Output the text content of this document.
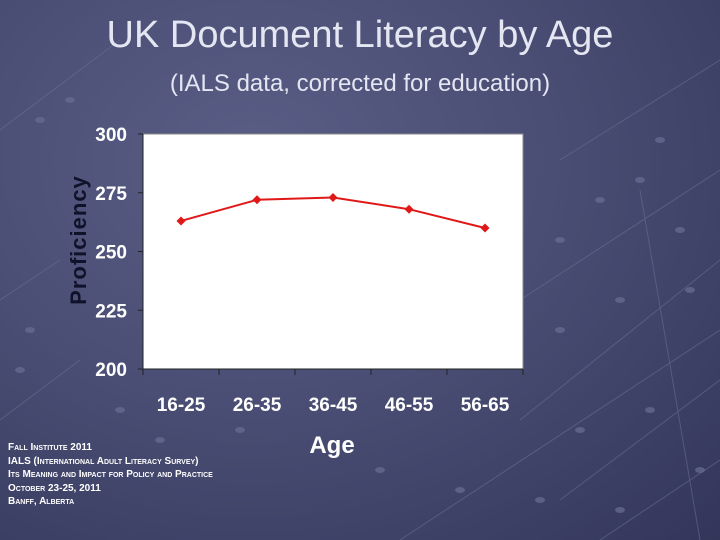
UK Document Literacy by Age
(IALS data, corrected for education)
Proficiency
200
225
250
275
300
16-25 26-35 36-45 46-55 56-65
Age
Fall Institute 2011
IALS (International Adult Literacy Survey)
Its Meaning and Impact for Policy and Practice
October 23-25, 2011
Banff, Alberta
